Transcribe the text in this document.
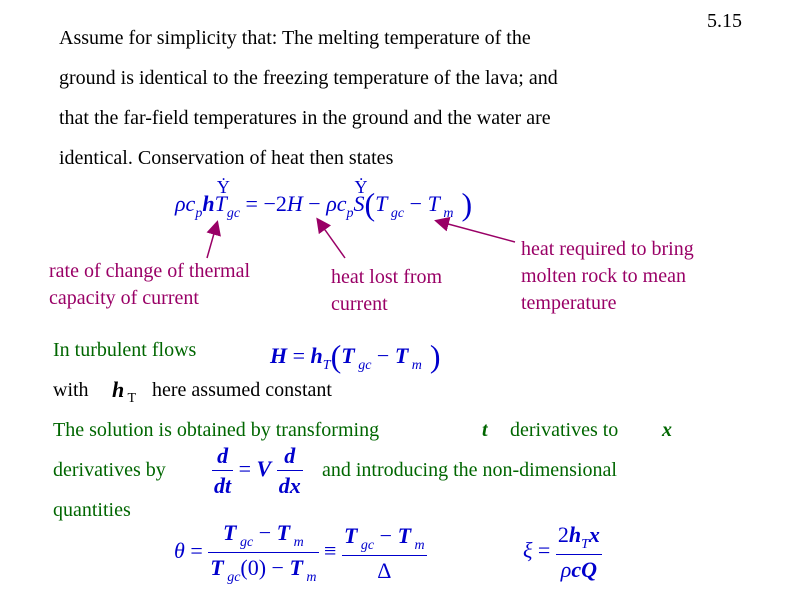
5.15
Assume for simplicity that: The melting temperature of the
ground is identical to the freezing temperature of the lava; and
that the far-field temperatures in the ground and the water are
identical. Conservation of heat then states
$\rho c_phT$
Ẏ
$_{gc} = -2H - \rho c_pS$
Ẏ
(T $_{gc}$ − T $_m$ )
rate of change of thermal capacity of current
heat lost from current
heat required to bring molten rock to mean temperature
In turbulent flows	$H = h_T(T$ $_{gc}$ − T $_m$ )
with h $_T$ here assumed constant
The solution is obtained by transforming	t derivatives to x
derivatives by $\frac{d}{dt} = V \frac{d}{dx}$ and introducing the non-dimensional
quantities
$\theta = \frac{T _{gc} - T _m}{T _{gc}(0) - T _m} \equiv \frac{T _{gc} - T _m}{\Delta}$	$\xi = \frac{2h_Tx}{\text{ρcQ}}$
